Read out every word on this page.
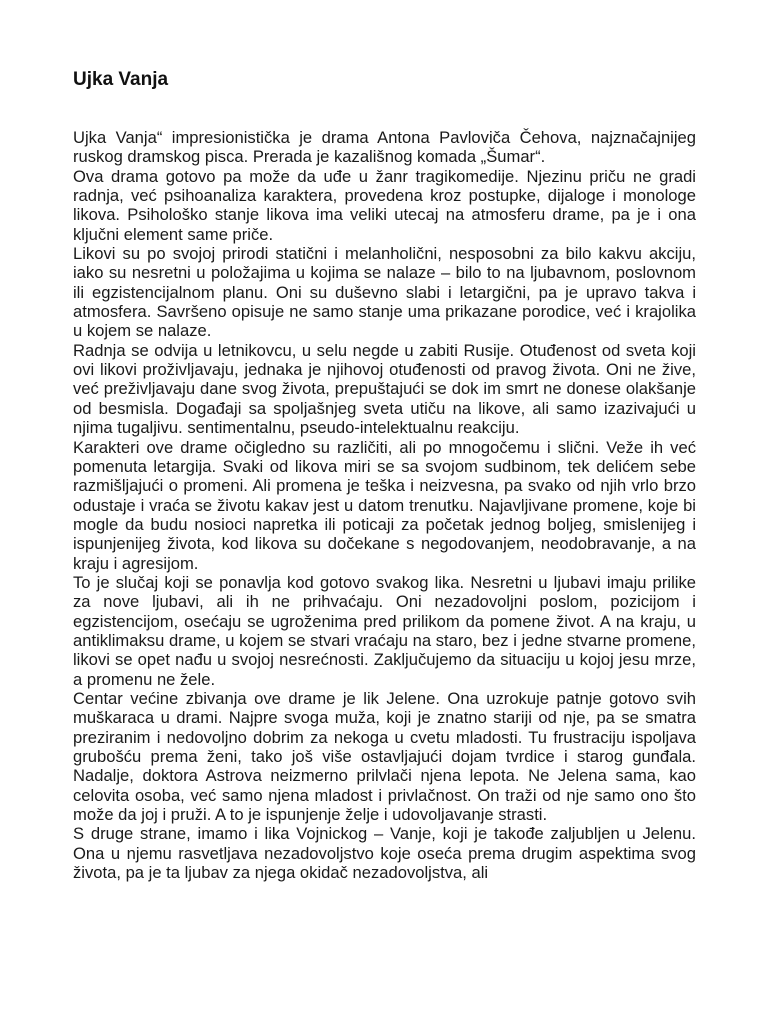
Ujka Vanja

Ujka Vanja“ impresionistička je drama Antona Pavloviča Čehova, najznačajnijeg ruskog dramskog pisca. Prerada je kazališnog komada „Šumar“.

Ova drama gotovo pa može da uđe u žanr tragikomedije. Njezinu priču ne gradi radnja, već psihoanaliza karaktera, provedena kroz postupke, dijaloge i monologe likova. Psihološko stanje likova ima veliki utecaj na atmosferu drame, pa je i ona ključni element same priče.

Likovi su po svojoj prirodi statični i melanholični, nesposobni za bilo kakvu akciju, iako su nesretni u položajima u kojima se nalaze – bilo to na ljubavnom, poslovnom ili egzistencijalnom planu. Oni su duševno slabi i letargični, pa je upravo takva i atmosfera. Savršeno opisuje ne samo stanje uma prikazane porodice, već i krajolika u kojem se nalaze.

Radnja se odvija u letnikovcu, u selu negde u zabiti Rusije. Otuđenost od sveta koji ovi likovi proživljavaju, jednaka je njihovoj otuđenosti od pravog života. Oni ne žive, već preživljavaju dane svog života, prepuštajući se dok im smrt ne donese olakšanje od besmisla. Događaji sa spoljašnjeg sveta utiču na likove, ali samo izazivajući u njima tugaljivu. sentimentalnu, pseudo-intelektualnu reakciju.

Karakteri ove drame očigledno su različiti, ali po mnogočemu i slični. Veže ih već pomenuta letargija. Svaki od likova miri se sa svojom sudbinom, tek delićem sebe razmišljajući o promeni. Ali promena je teška i neizvesna, pa svako od njih vrlo brzo odustaje i vraća se životu kakav jest u datom trenutku. Najavljivane promene, koje bi mogle da budu nosioci napretka ili poticaji za početak jednog boljeg, smislenijeg i ispunjenijeg života, kod likova su dočekane s negodovanjem, neodobravanje, a na kraju i agresijom.

To je slučaj koji se ponavlja kod gotovo svakog lika. Nesretni u ljubavi imaju prilike za nove ljubavi, ali ih ne prihvaćaju. Oni nezadovoljni poslom, pozicijom i egzistencijom, osećaju se ugroženima pred prilikom da pomene život. A na kraju, u antiklimaksu drame, u kojem se stvari vraćaju na staro, bez i jedne stvarne promene, likovi se opet nađu u svojoj nesrećnosti. Zaključujemo da situaciju u kojoj jesu mrze, a promenu ne žele.

Centar većine zbivanja ove drame je lik Jelene. Ona uzrokuje patnje gotovo svih muškaraca u drami. Najpre svoga muža, koji je znatno stariji od nje, pa se smatra preziranim i nedovoljno dobrim za nekoga u cvetu mladosti. Tu frustraciju ispoljava grubošću prema ženi, tako još više ostavljajući dojam tvrdice i starog gunđala. Nadalje, doktora Astrova neizmerno prilvlači njena lepota. Ne Jelena sama, kao celovita osoba, već samo njena mladost i privlačnost. On traži od nje samo ono što može da joj i pruži. A to je ispunjenje želje i udovoljavanje strasti.

S druge strane, imamo i lika Vojnickog – Vanje, koji je takođe zaljubljen u Jelenu. Ona u njemu rasvetljava nezadovoljstvo koje oseća prema drugim aspektima svog života, pa je ta ljubav za njega okidač nezadovoljstva, ali
